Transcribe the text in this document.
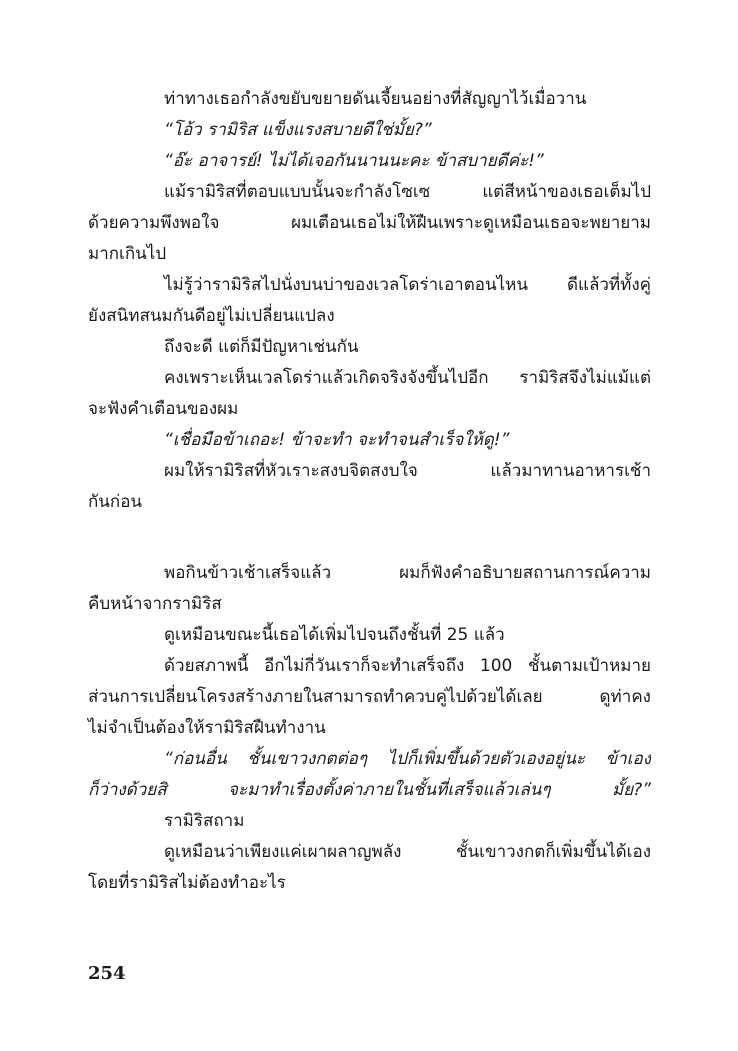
ท่าทางเธอกำลังขยับขยายดันเจี้ยนอย่างที่สัญญาไว้เมื่อวาน
“โอ้ว รามิริส แข็งแรงสบายดีใช่มั้ย?”
“อ๊ะ อาจารย์! ไม่ได้เจอกันนานนะคะ ข้าสบายดีค่ะ!”
แม้รามิริสที่ตอบแบบนั้นจะกำลังโซเซ แต่สีหน้าของเธอเต็มไป
ด้วยความพึงพอใจ ผมเตือนเธอไม่ให้ฝืนเพราะดูเหมือนเธอจะพยายาม
มากเกินไป
ไม่รู้ว่ารามิริสไปนั่งบนบ่าของเวลโดร่าเอาตอนไหน ดีแล้วที่ทั้งคู่
ยังสนิทสนมกันดีอยู่ไม่เปลี่ยนแปลง
ถึงจะดี แต่ก็มีปัญหาเช่นกัน
คงเพราะเห็นเวลโดร่าแล้วเกิดจริงจังขึ้นไปอีก รามิริสจึงไม่แม้แต่
จะฟังคำเตือนของผม
“เชื่อมือข้าเถอะ! ข้าจะทำ จะทำจนสำเร็จให้ดู!”
ผมให้รามิริสที่หัวเราะสงบจิตสงบใจ แล้วมาทานอาหารเช้า
กันก่อน
พอกินข้าวเช้าเสร็จแล้ว ผมก็ฟังคำอธิบายสถานการณ์ความ
คืบหน้าจากรามิริส
ดูเหมือนขณะนี้เธอได้เพิ่มไปจนถึงชั้นที่ 25 แล้ว
ด้วยสภาพนี้ อีกไม่กี่วันเราก็จะทำเสร็จถึง 100 ชั้นตามเป้าหมาย
ส่วนการเปลี่ยนโครงสร้างภายในสามารถทำควบคู่ไปด้วยได้เลย ดูท่าคง
ไม่จำเป็นต้องให้รามิริสฝืนทำงาน
“ก่อนอื่น ชั้นเขาวงกตต่อๆ ไปก็เพิ่มขึ้นด้วยตัวเองอยู่นะ ข้าเอง
ก็ว่างด้วยสิ จะมาทำเรื่องตั้งค่าภายในชั้นที่เสร็จแล้วเล่นๆ มั้ย?”
รามิริสถาม
ดูเหมือนว่าเพียงแค่เผาผลาญพลัง ชั้นเขาวงกตก็เพิ่มขึ้นได้เอง
โดยที่รามิริสไม่ต้องทำอะไร
254
